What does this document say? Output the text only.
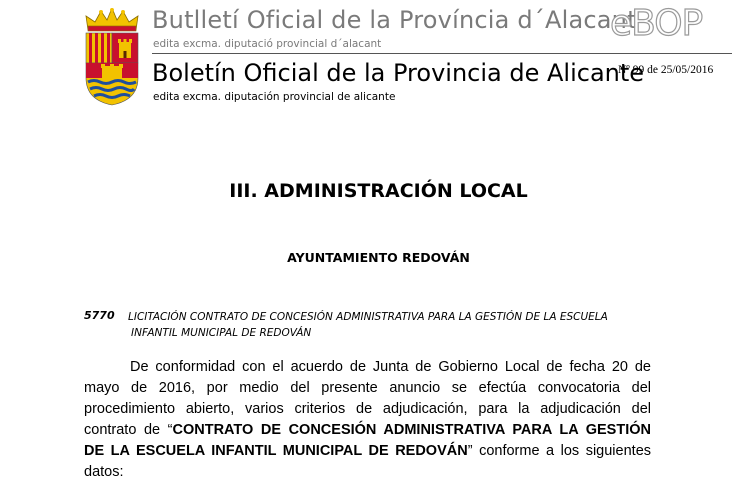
Butlletí Oficial de la Província d´Alacant
edita excma. diputació provincial d´alacant
Boletín Oficial de la Provincia de Alicante
edita excma. diputación provincial de alicante
eBOP
Nº 99 de 25/05/2016
III. ADMINISTRACIÓN LOCAL
AYUNTAMIENTO REDOVÁN
5770 LICITACIÓN CONTRATO DE CONCESIÓN ADMINISTRATIVA PARA LA GESTIÓN DE LA ESCUELA
INFANTIL MUNICIPAL DE REDOVÁN
De conformidad con el acuerdo de Junta de Gobierno Local de fecha 20 de
mayo de 2016, por medio del presente anuncio se efectúa convocatoria del
procedimiento abierto, varios criterios de adjudicación, para la adjudicación del
contrato de “CONTRATO DE CONCESIÓN ADMINISTRATIVA PARA LA GESTIÓN
DE LA ESCUELA INFANTIL MUNICIPAL DE REDOVÁN” conforme a los siguientes
datos:
